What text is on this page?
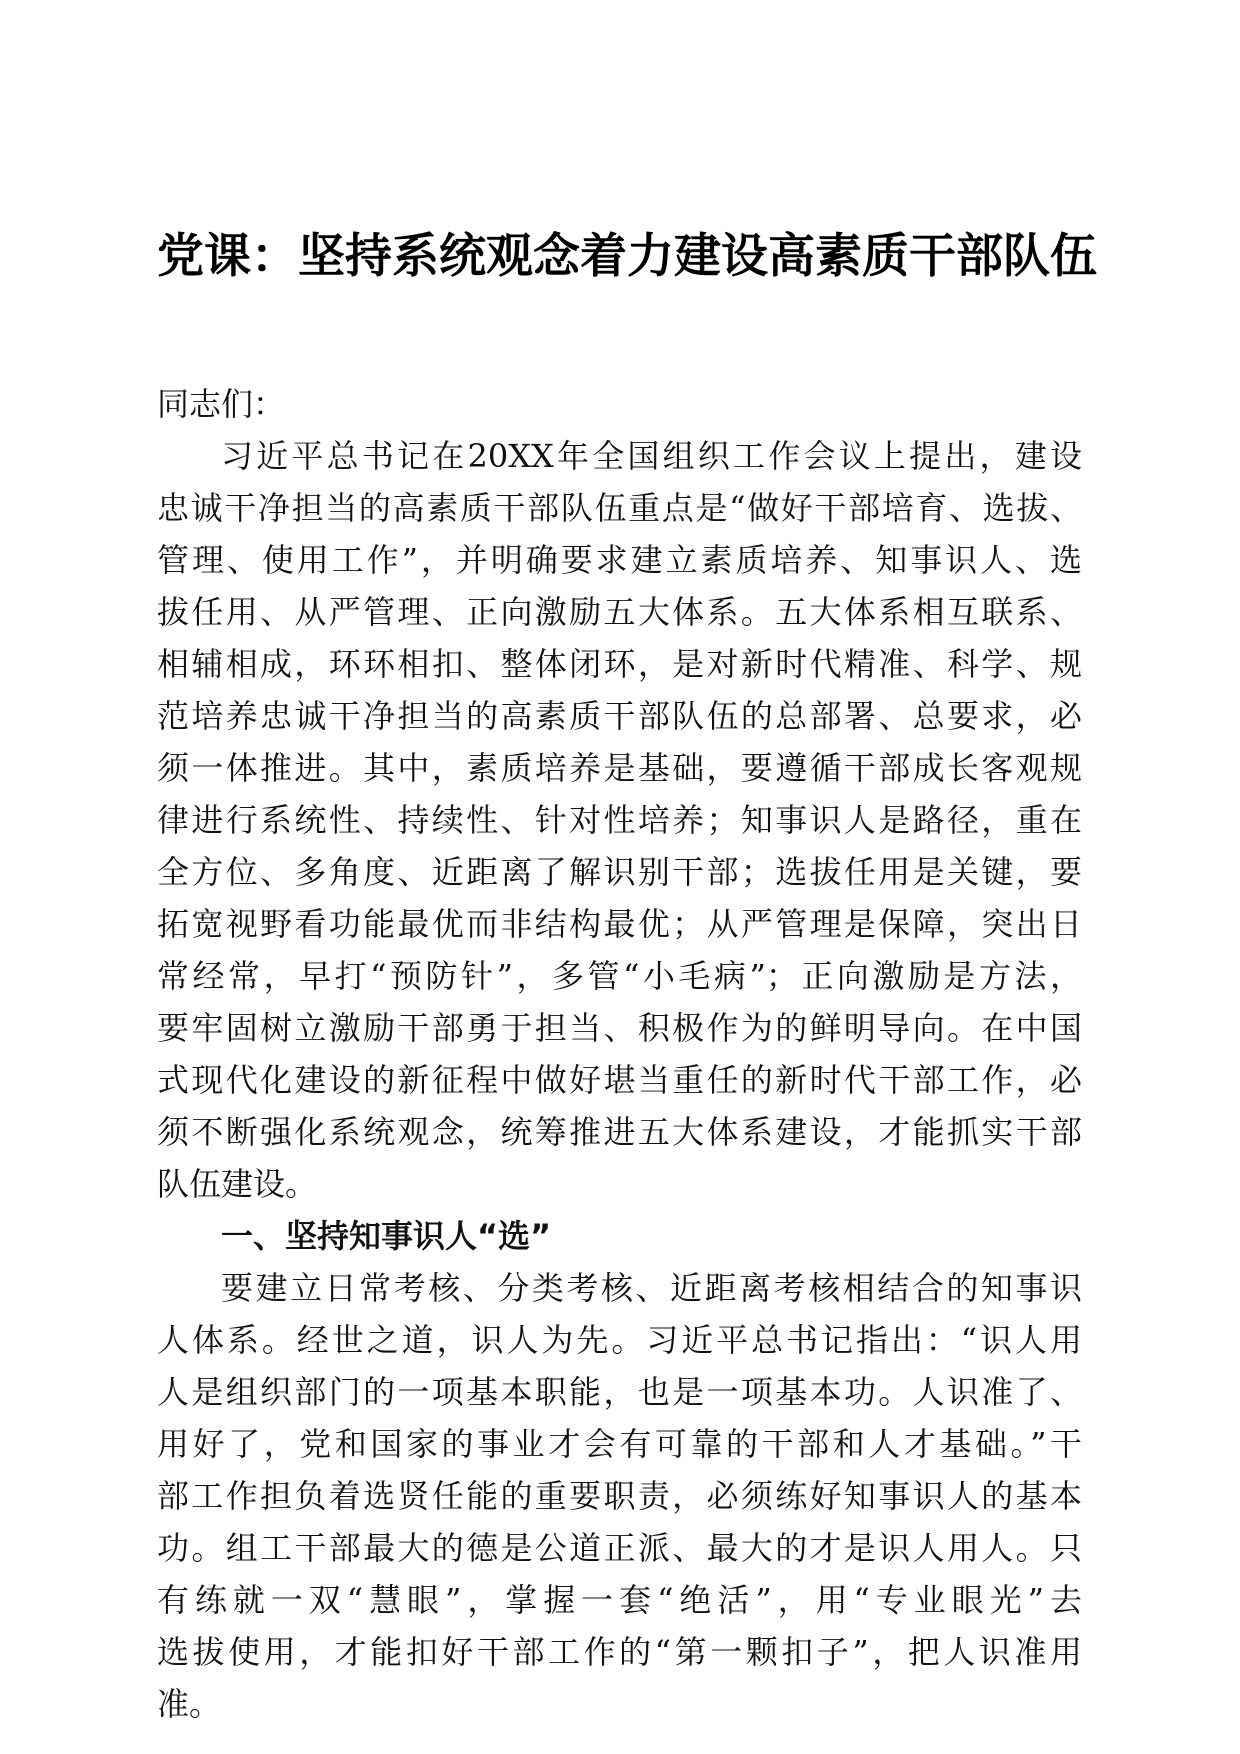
党课：坚持系统观念着力建设高素质干部队伍
同志们：
习近平总书记在20XX年全国组织工作会议上提出，建设
忠诚干净担当的高素质干部队伍重点是“做好干部培育、选拔、
管理、使用工作”，并明确要求建立素质培养、知事识人、选
拔任用、从严管理、正向激励五大体系。五大体系相互联系、
相辅相成，环环相扣、整体闭环，是对新时代精准、科学、规
范培养忠诚干净担当的高素质干部队伍的总部署、总要求，必
须一体推进。其中，素质培养是基础，要遵循干部成长客观规
律进行系统性、持续性、针对性培养；知事识人是路径，重在
全方位、多角度、近距离了解识别干部；选拔任用是关键，要
拓宽视野看功能最优而非结构最优；从严管理是保障，突出日
常经常，早打“预防针”，多管“小毛病”；正向激励是方法，
要牢固树立激励干部勇于担当、积极作为的鲜明导向。在中国
式现代化建设的新征程中做好堪当重任的新时代干部工作，必
须不断强化系统观念，统筹推进五大体系建设，才能抓实干部
队伍建设。
一、坚持知事识人“选”
要建立日常考核、分类考核、近距离考核相结合的知事识
人体系。经世之道，识人为先。习近平总书记指出：“识人用
人是组织部门的一项基本职能，也是一项基本功。人识准了、
用好了，党和国家的事业才会有可靠的干部和人才基础。”干
部工作担负着选贤任能的重要职责，必须练好知事识人的基本
功。组工干部最大的德是公道正派、最大的才是识人用人。只
有练就一双“慧眼”，掌握一套“绝活”，用“专业眼光”去
选拔使用，才能扣好干部工作的“第一颗扣子”，把人识准用
准。
